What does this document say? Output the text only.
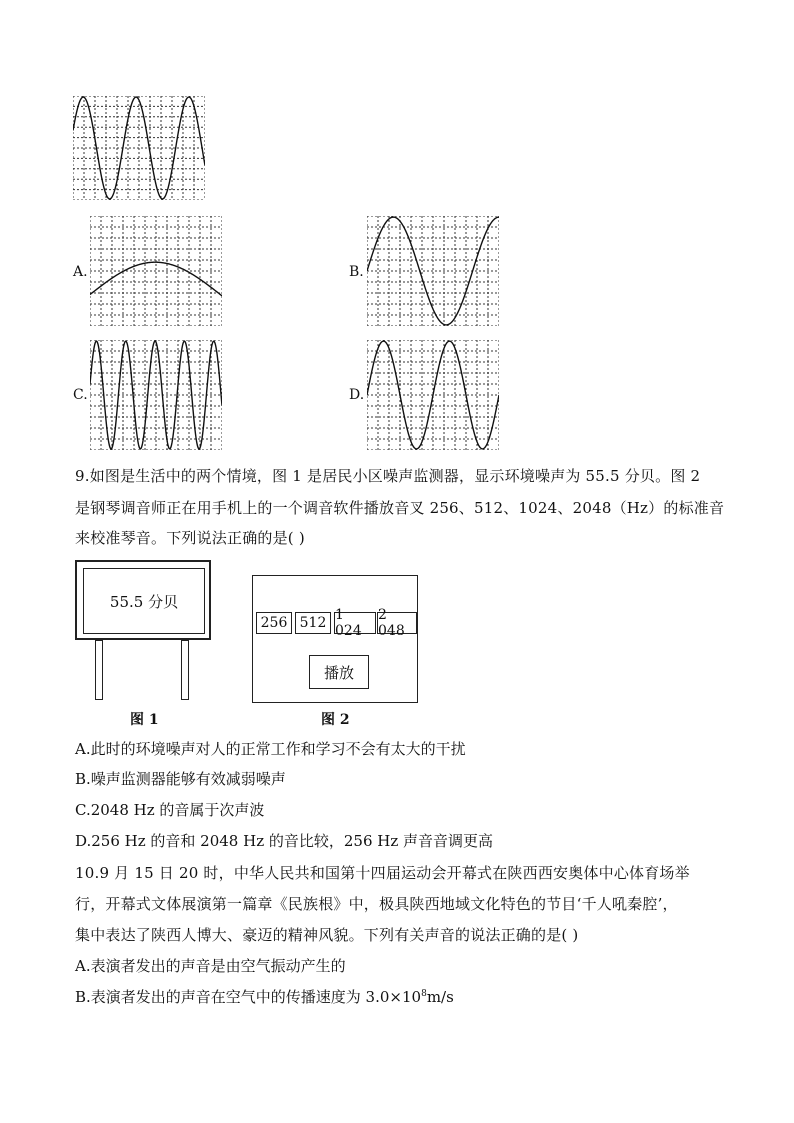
A.	B.
C.	D.
9.如图是生活中的两个情境，图 1 是居民小区噪声监测器，显示环境噪声为 55.5 分贝。图 2
是钢琴调音师正在用手机上的一个调音软件播放音叉 256、512、1024、2048（Hz）的标准音
来校准琴音。下列说法正确的是( )
55.5 分贝
256 512 1 024
2 048
播放
图 1	图 2
A.此时的环境噪声对人的正常工作和学习不会有太大的干扰
B.噪声监测器能够有效减弱噪声
C.2048 Hz 的音属于次声波
D.256 Hz 的音和 2048 Hz 的音比较，256 Hz 声音音调更高
10.9 月 15 日 20 时，中华人民共和国第十四届运动会开幕式在陕西西安奥体中心体育场举
行，开幕式文体展演第一篇章《民族根》中，极具陕西地域文化特色的节目‘千人吼秦腔’，
集中表达了陕西人博大、豪迈的精神风貌。下列有关声音的说法正确的是( )
A.表演者发出的声音是由空气振动产生的
B.表演者发出的声音在空气中的传播速度为 $3.0\times 10^8m/s$
